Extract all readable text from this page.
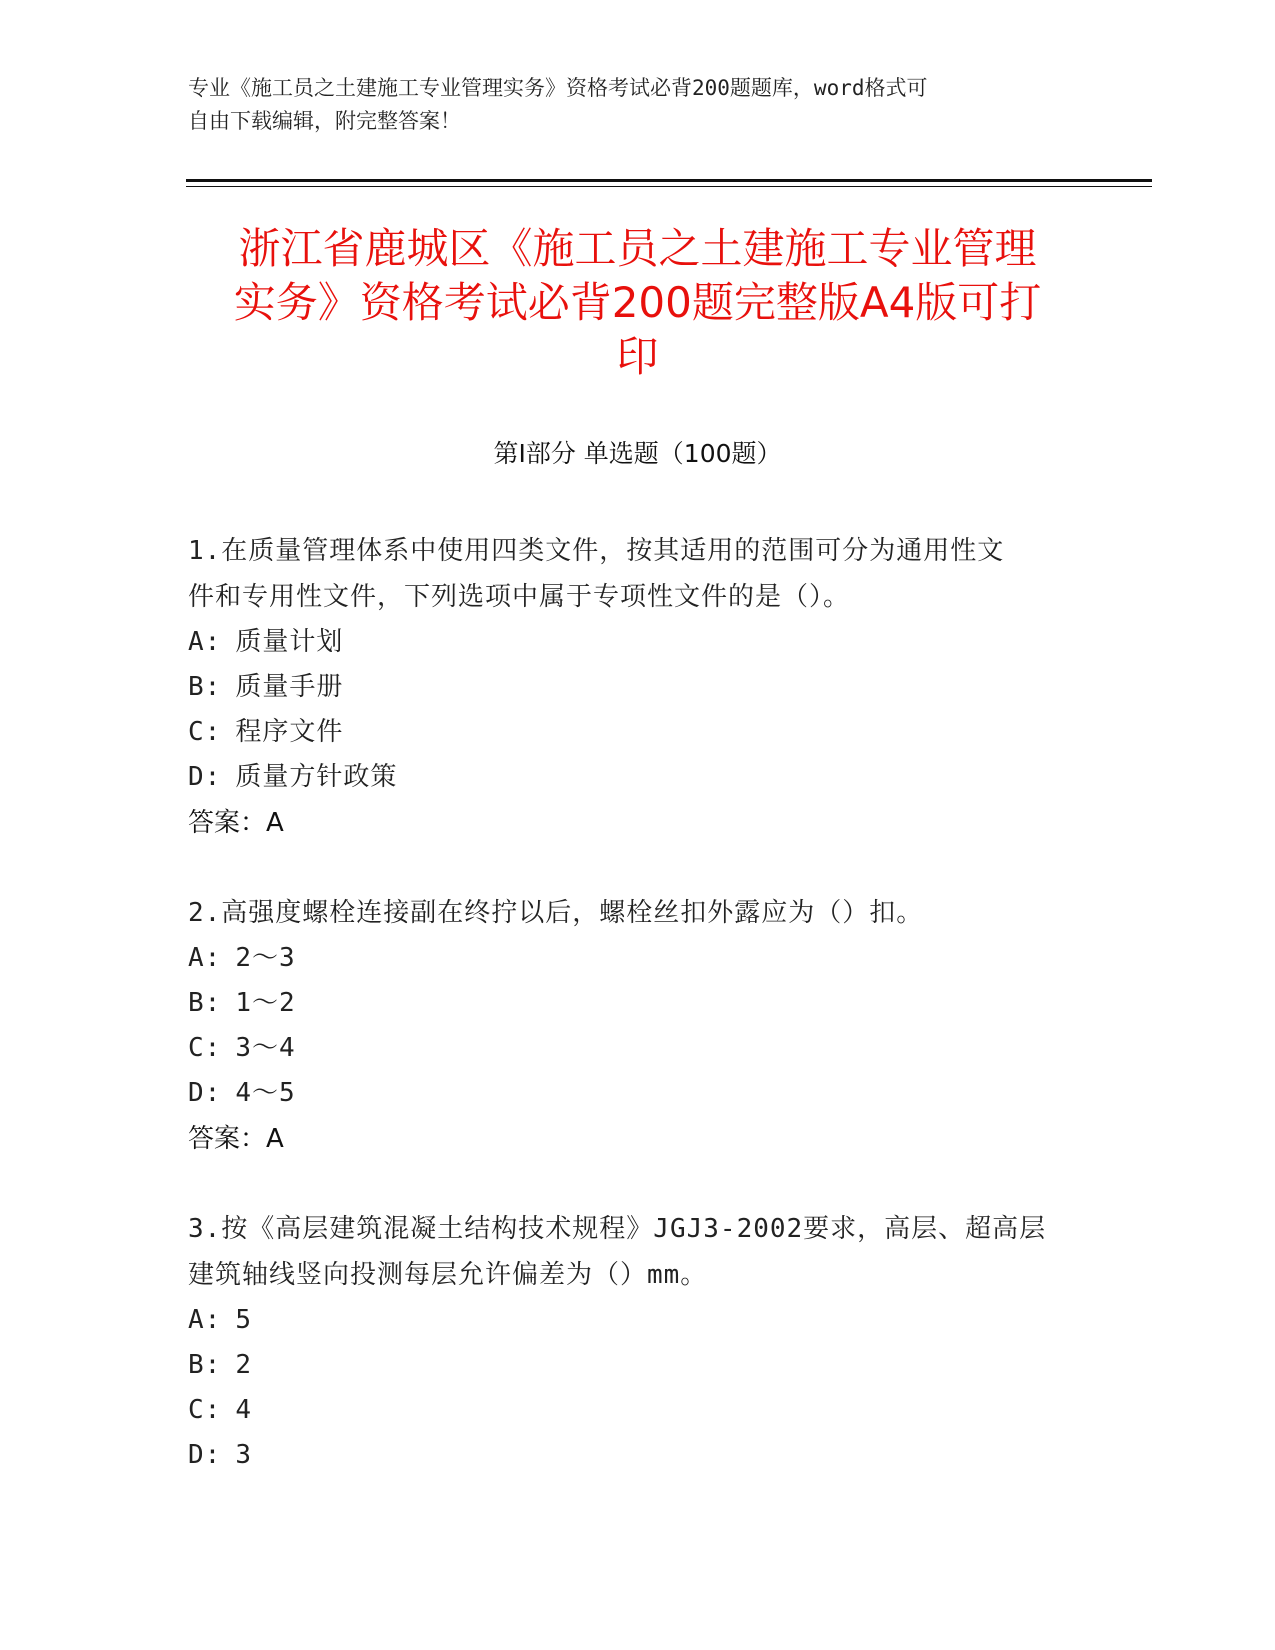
专业《施工员之土建施工专业管理实务》资格考试必背200题题库，word格式可
自由下载编辑，附完整答案！
浙江省鹿城区《施工员之土建施工专业管理
实务》资格考试必背200题完整版A4版可打
印
第Ⅰ部分 单选题（100题）
1.在质量管理体系中使用四类文件，按其适用的范围可分为通用性文
件和专用性文件，下列选项中属于专项性文件的是（）。
A: 质量计划
B: 质量手册
C: 程序文件
D: 质量方针政策
答案：A
2.高强度螺栓连接副在终拧以后，螺栓丝扣外露应为（）扣。
A: 2～3
B: 1～2
C: 3～4
D: 4～5
答案：A
3.按《高层建筑混凝土结构技术规程》JGJ3-2002要求，高层、超高层
建筑轴线竖向投测每层允许偏差为（）mm。
A: 5
B: 2
C: 4
D: 3
